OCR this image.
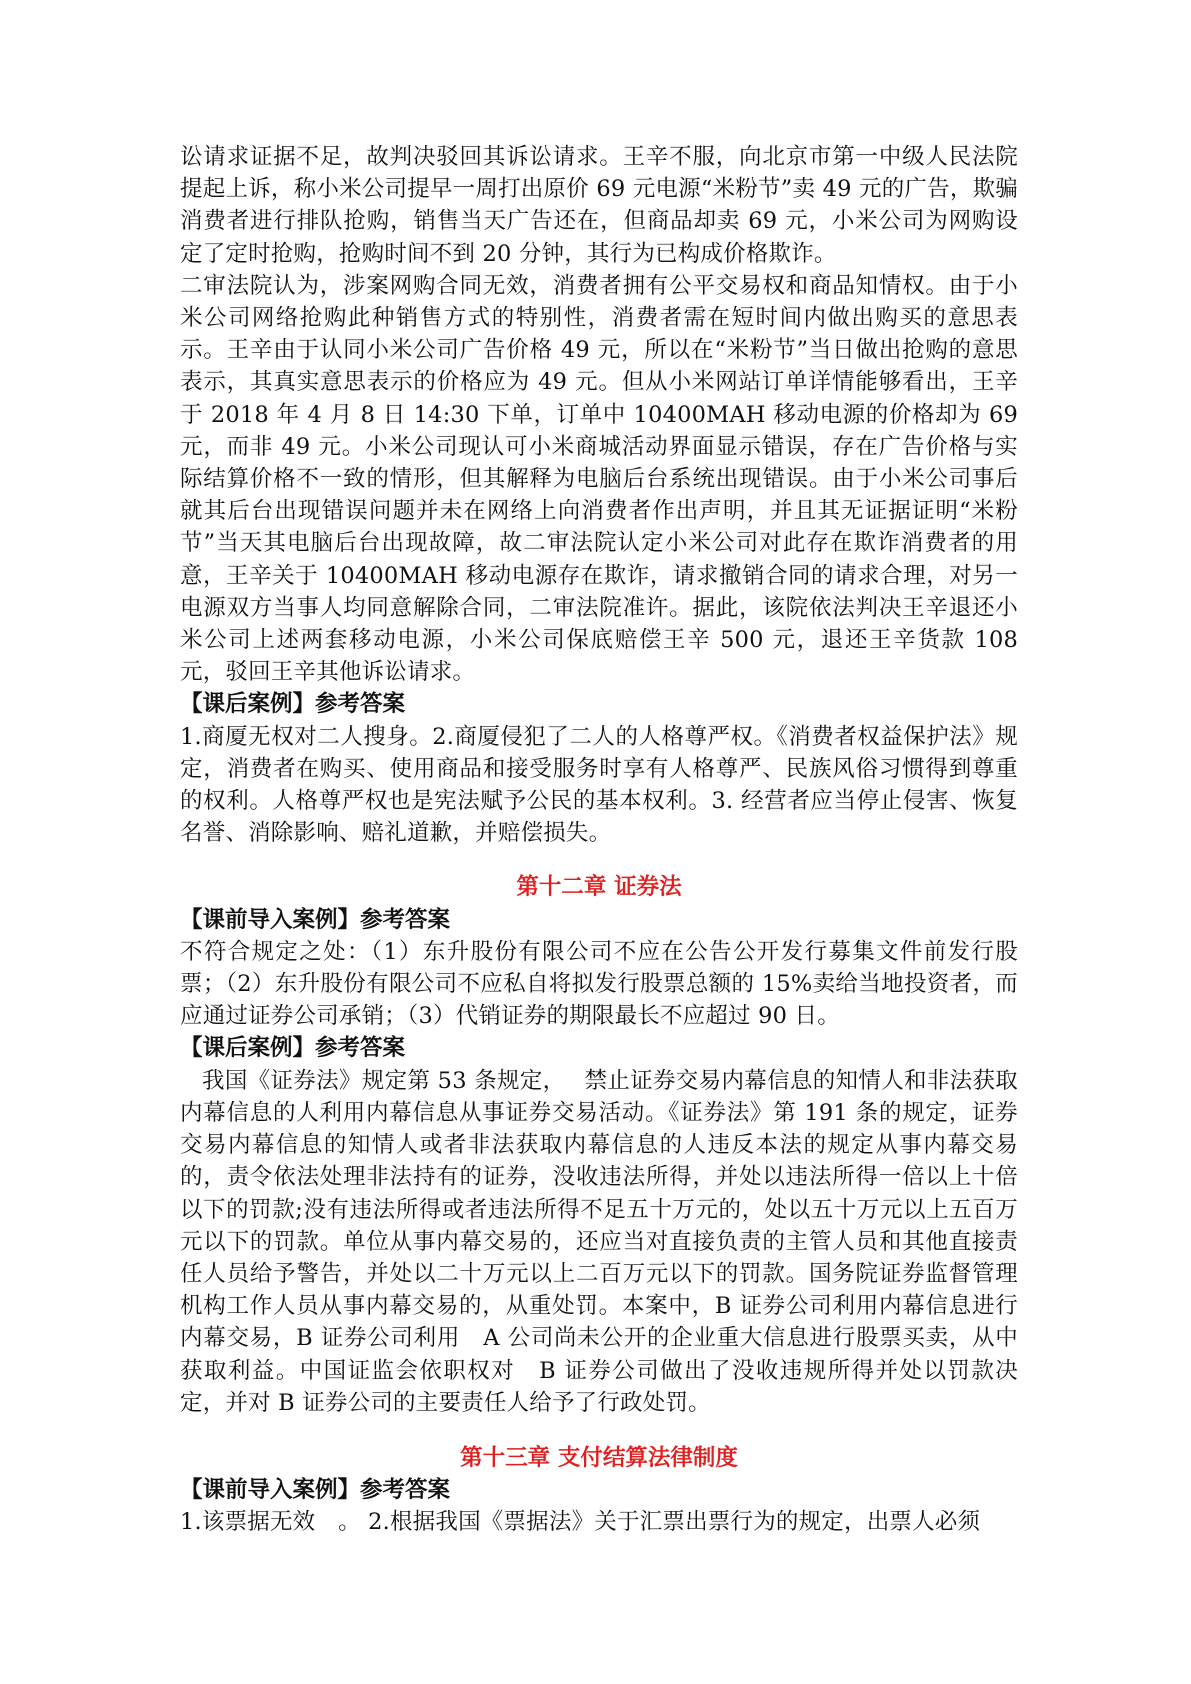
讼请求证据不足，故判决驳回其诉讼请求。王辛不服，向北京市第一中级人民法院提起上诉，称小米公司提早一周打出原价 69 元电源“米粉节”卖 49 元的广告，欺骗消费者进行排队抢购，销售当天广告还在，但商品却卖 69 元，小米公司为网购设定了定时抢购，抢购时间不到 20 分钟，其行为已构成价格欺诈。

二审法院认为，涉案网购合同无效，消费者拥有公平交易权和商品知情权。由于小米公司网络抢购此种销售方式的特别性，消费者需在短时间内做出购买的意思表示。王辛由于认同小米公司广告价格 49 元，所以在“米粉节”当日做出抢购的意思表示，其真实意思表示的价格应为 49 元。但从小米网站订单详情能够看出，王辛于 2018 年 4 月 8 日 14:30 下单，订单中 10400MAH 移动电源的价格却为 69 元，而非 49 元。小米公司现认可小米商城活动界面显示错误，存在广告价格与实际结算价格不一致的情形，但其解释为电脑后台系统出现错误。由于小米公司事后就其后台出现错误问题并未在网络上向消费者作出声明，并且其无证据证明“米粉节”当天其电脑后台出现故障，故二审法院认定小米公司对此存在欺诈消费者的用意，王辛关于 10400MAH 移动电源存在欺诈，请求撤销合同的请求合理，对另一电源双方当事人均同意解除合同，二审法院准许。据此，该院依法判决王辛退还小米公司上述两套移动电源，小米公司保底赔偿王辛 500 元，退还王辛货款 108 元，驳回王辛其他诉讼请求。

【课后案例】参考答案

1.商厦无权对二人搜身。2.商厦侵犯了二人的人格尊严权。《消费者权益保护法》规定，消费者在购买、使用商品和接受服务时享有人格尊严、民族风俗习惯得到尊重的权利。人格尊严权也是宪法赋予公民的基本权利。3. 经营者应当停止侵害、恢复名誉、消除影响、赔礼道歉，并赔偿损失。

第十二章 证券法

【课前导入案例】参考答案

不符合规定之处：（1）东升股份有限公司不应在公告公开发行募集文件前发行股票；（2）东升股份有限公司不应私自将拟发行股票总额的 15%卖给当地投资者，而应通过证券公司承销；（3）代销证券的期限最长不应超过 90 日。

【课后案例】参考答案

我国《证券法》规定第 53 条规定，　 禁止证券交易内幕信息的知情人和非法获取内幕信息的人利用内幕信息从事证券交易活动。《证券法》第 191 条的规定，证券交易内幕信息的知情人或者非法获取内幕信息的人违反本法的规定从事内幕交易的，责令依法处理非法持有的证券，没收违法所得，并处以违法所得一倍以上十倍以下的罚款;没有违法所得或者违法所得不足五十万元的，处以五十万元以上五百万元以下的罚款。单位从事内幕交易的，还应当对直接负责的主管人员和其他直接责任人员给予警告，并处以二十万元以上二百万元以下的罚款。国务院证券监督管理机构工作人员从事内幕交易的，从重处罚。本案中，B 证券公司利用内幕信息进行内幕交易，B 证券公司利用　A 公司尚未公开的企业重大信息进行股票买卖，从中获取利益。中国证监会依职权对　B 证券公司做出了没收违规所得并处以罚款决定，并对 B 证券公司的主要责任人给予了行政处罚。

第十三章 支付结算法律制度

【课前导入案例】参考答案

1.该票据无效　。 2.根据我国《票据法》关于汇票出票行为的规定，出票人必须
